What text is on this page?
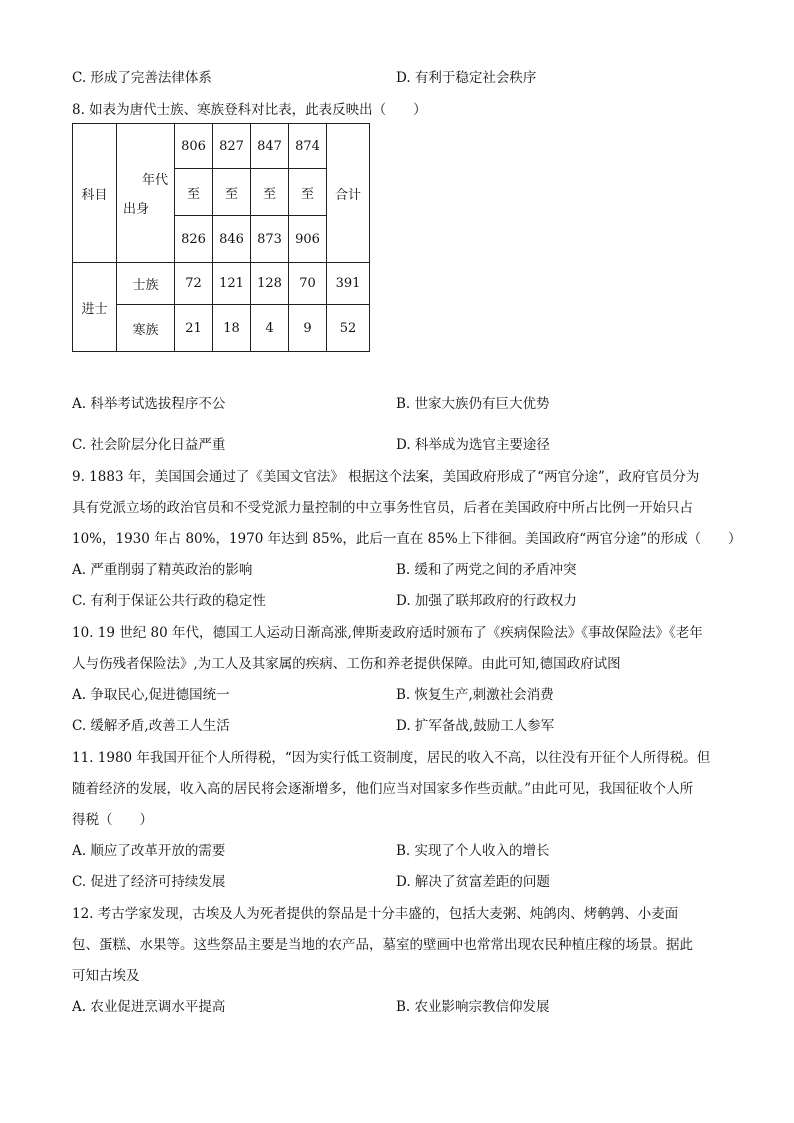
C. 形成了完善法律体系	D. 有利于稳定社会秩序
8. 如表为唐代士族、寒族登科对比表，此表反映出（　　）
科目	年代
出身	806	827	847	874	合计
		至	至	至	至	
		826	846	873	906	
进士	士族	72	121	128	70	391
	寒族	21	18	4	9	52
A. 科举考试选拔程序不公	B. 世家大族仍有巨大优势
C. 社会阶层分化日益严重	D. 科举成为选官主要途径
9. 1883 年，美国国会通过了《美国文官法》 根据这个法案，美国政府形成了“两官分途”，政府官员分为
具有党派立场的政治官员和不受党派力量控制的中立事务性官员，后者在美国政府中所占比例一开始只占
10%，1930 年占 80%，1970 年达到 85%，此后一直在 85%上下徘徊。美国政府“两官分途”的形成（　　）
A. 严重削弱了精英政治的影响	B. 缓和了两党之间的矛盾冲突
C. 有利于保证公共行政的稳定性	D. 加强了联邦政府的行政权力
10. 19 世纪 80 年代，德国工人运动日渐高涨,俾斯麦政府适时颁布了《疾病保险法》《事故保险法》《老年
人与伤残者保险法》,为工人及其家属的疾病、工伤和养老提供保障。由此可知,德国政府试图
A. 争取民心,促进德国统一	B. 恢复生产,刺激社会消费
C. 缓解矛盾,改善工人生活	D. 扩军备战,鼓励工人参军
11. 1980 年我国开征个人所得税，“因为实行低工资制度，居民的收入不高，以往没有开征个人所得税。但
随着经济的发展，收入高的居民将会逐渐增多，他们应当对国家多作些贡献。”由此可见，我国征收个人所
得税（　　）
A. 顺应了改革开放的需要	B. 实现了个人收入的增长
C. 促进了经济可持续发展	D. 解决了贫富差距的问题
12. 考古学家发现，古埃及人为死者提供的祭品是十分丰盛的，包括大麦粥、炖鸽肉、烤鹌鹑、小麦面
包、蛋糕、水果等。这些祭品主要是当地的农产品，墓室的壁画中也常常出现农民种植庄稼的场景。据此
可知古埃及
A. 农业促进烹调水平提高	B. 农业影响宗教信仰发展
